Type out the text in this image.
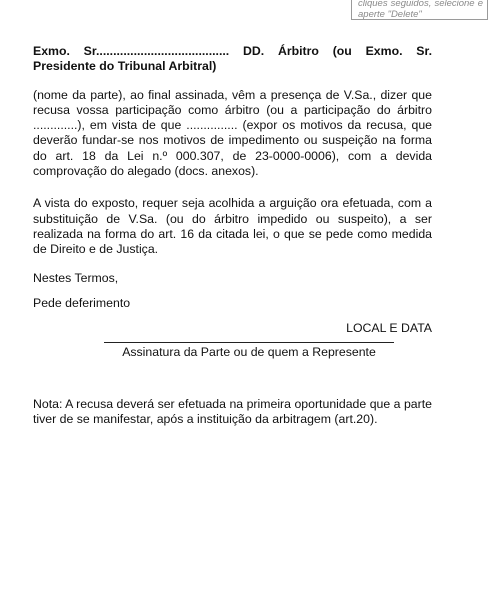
cliques seguidos, selecione e aperte "Delete"

Exmo. Sr....................................... DD. Árbitro (ou Exmo. Sr. Presidente do Tribunal Arbitral)

(nome da parte), ao final assinada, vêm a presença de V.Sa., dizer que recusa vossa participação como árbitro (ou a participação do árbitro .............), em vista de que ............... (expor os motivos da recusa, que deverão fundar-se nos motivos de impedimento ou suspeição na forma do art. 18 da Lei n.º 000.307, de 23-0000-0006), com a devida comprovação do alegado (docs. anexos).

A vista do exposto, requer seja acolhida a arguição ora efetuada, com a substituição de V.Sa. (ou do árbitro impedido ou suspeito), a ser realizada na forma do art. 16 da citada lei, o que se pede como medida de Direito e de Justiça.

Nestes Termos,

Pede deferimento

LOCAL E DATA

Assinatura da Parte ou de quem a Represente
Nota: A recusa deverá ser efetuada na primeira oportunidade que a parte tiver de se manifestar, após a instituição da arbitragem (art.20).
